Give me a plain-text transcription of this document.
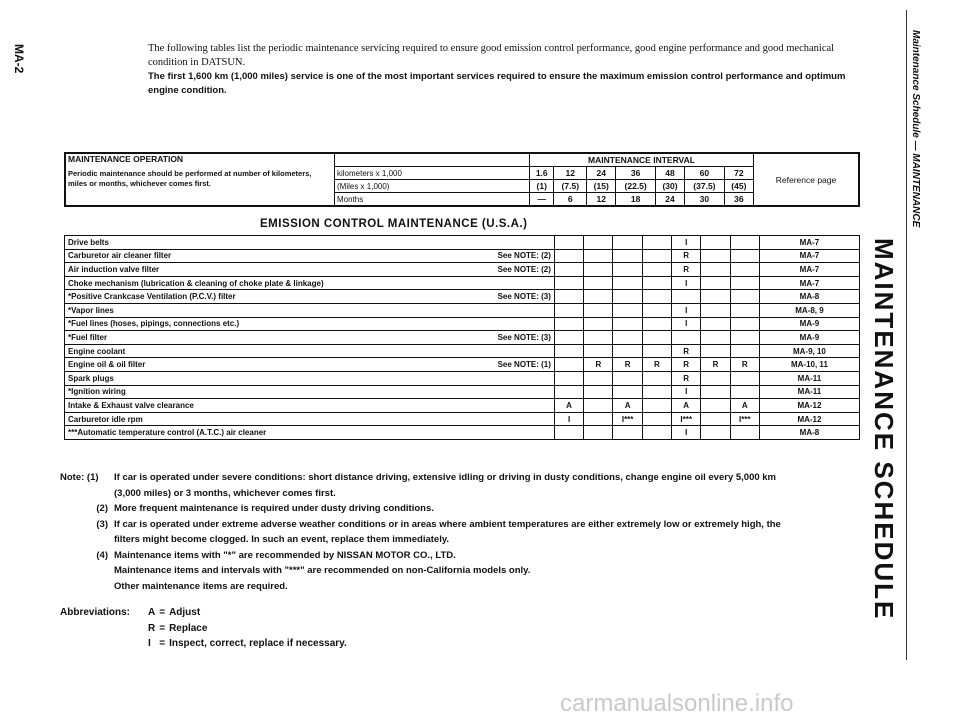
MA-2	Maintenance Schedule — MAINTENANCE
MAINTENANCE SCHEDULE
The following tables list the periodic maintenance servicing required to ensure good emission control performance, good engine performance and good mechanical condition in DATSUN.
The first 1,600 km (1,000 miles) service is one of the most important services required to ensure the maximum emission control performance and optimum engine condition.
MAINTENANCE OPERATION
Periodic maintenance should be performed at number of kilometers, miles or months, whichever comes first.		MAINTENANCE INTERVAL							Reference page
	kilometers x 1,000	1.6	12	24	36	48	60	72	
	(Miles x 1,000)	(1)	(7.5)	(15)	(22.5)	(30)	(37.5)	(45)	
	Months	—	6	12	18	24	30	36	
EMISSION CONTROL MAINTENANCE (U.S.A.)
Drive belts					I			MA-7
Carburetor air cleaner filter See NOTE: (2)					R			MA-7
Air induction valve filter See NOTE: (2)					R			MA-7
Choke mechanism (lubrication & cleaning of choke plate & linkage)					I			MA-7
*Positive Crankcase Ventilation (P.C.V.) filter See NOTE: (3)								MA-8
*Vapor lines					I			MA-8, 9
*Fuel lines (hoses, pipings, connections etc.)					I			MA-9
*Fuel filter See NOTE: (3)								MA-9
Engine coolant					R			MA-9, 10
Engine oil & oil filter See NOTE: (1)		R	R	R	R	R	R	MA-10, 11
Spark plugs					R			MA-11
*Ignition wiring					I			MA-11
Intake & Exhaust valve clearance	A		A		A		A	MA-12
Carburetor idle rpm	I		I***		I***		I***	MA-12
***Automatic temperature control (A.T.C.) air cleaner					I			MA-8
Note: (1)	If car is operated under severe conditions: short distance driving, extensive idling or driving in dusty conditions, change engine oil every 5,000 km (3,000 miles) or 3 months, whichever comes first.
(2) More frequent maintenance is required under dusty driving conditions.
(3) If car is operated under extreme adverse weather conditions or in areas where ambient temperatures are either extremely low or extremely high, the filters might become clogged. In such an event, replace them immediately.
(4) Maintenance items with "*" are recommended by NISSAN MOTOR CO., LTD.
Maintenance items and intervals with "***" are recommended on non-California models only.
Other maintenance items are required.
Abbreviations:	A	=	Adjust
	R	=	Replace
	I	=	Inspect, correct, replace if necessary.
carmanualsonline.info
